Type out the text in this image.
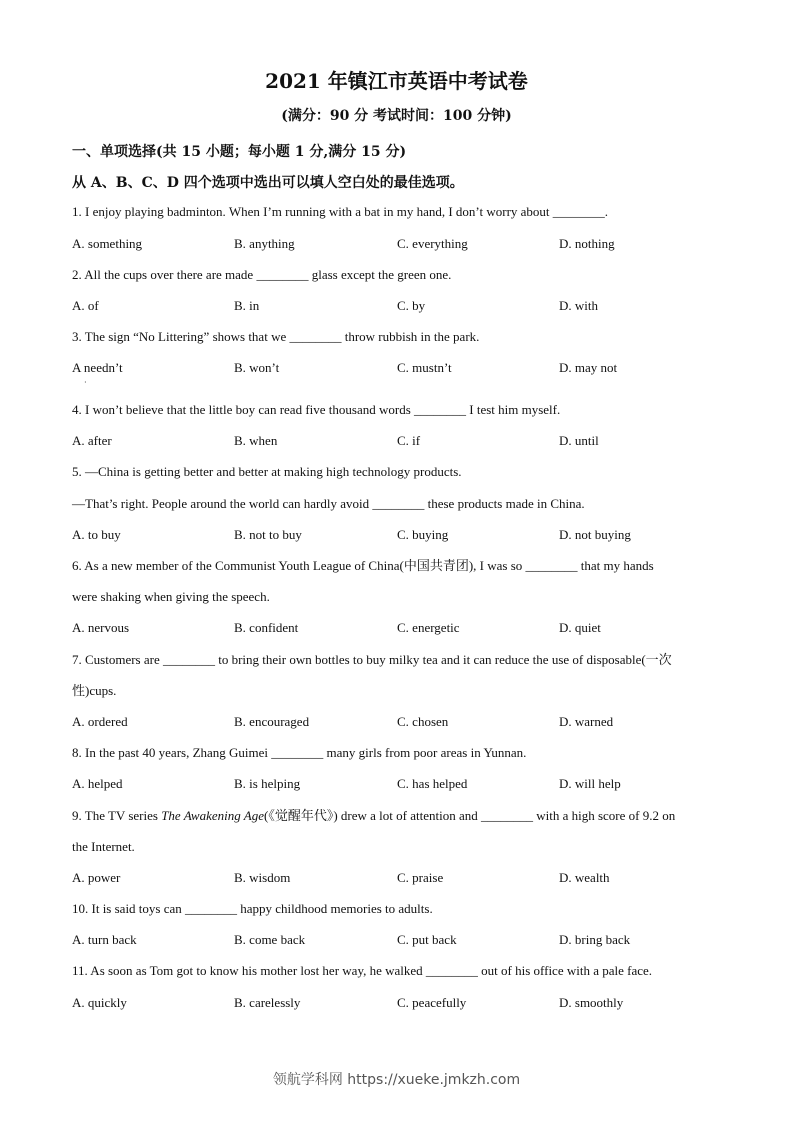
2021 年镇江市英语中考试卷
(满分：90 分 考试时间：100 分钟)
一、单项选择(共 15 小题；每小题 1 分,满分 15 分)
从 A、B、C、D 四个选项中选出可以填人空白处的最佳选项。
1. I enjoy playing badminton. When I’m running with a bat in my hand, I don’t worry about ________.
A. something	B. anything	C. everything	D. nothing
2. All the cups over there are made ________ glass except the green one.
A. of	B. in	C. by	D. with
3. The sign “No Littering” shows that we ________ throw rubbish in the park.
A needn’t	B. won’t	C. mustn’t	D. may not
·
4. I won’t believe that the little boy can read five thousand words ________ I test him myself.
A. after	B. when	C. if	D. until
5. —China is getting better and better at making high technology products.
—That’s right. People around the world can hardly avoid ________ these products made in China.
A. to buy	B. not to buy	C. buying	D. not buying
6. As a new member of the Communist Youth League of China(中国共青团), I was so ________ that my hands
were shaking when giving the speech.
A. nervous	B. confident	C. energetic	D. quiet
7. Customers are ________ to bring their own bottles to buy milky tea and it can reduce the use of disposable(一次
性)cups.
A. ordered	B. encouraged	C. chosen	D. warned
8. In the past 40 years, Zhang Guimei ________ many girls from poor areas in Yunnan.
A. helped	B. is helping	C. has helped	D. will help
9. The TV series The Awakening Age(《觉醒年代》) drew a lot of attention and ________ with a high score of 9.2 on
the Internet.
A. power	B. wisdom	C. praise	D. wealth
10. It is said toys can ________ happy childhood memories to adults.
A. turn back	B. come back	C. put back	D. bring back
11. As soon as Tom got to know his mother lost her way, he walked ________ out of his office with a pale face.
A. quickly	B. carelessly	C. peacefully	D. smoothly
领航学科网 https://xueke.jmkzh.com
